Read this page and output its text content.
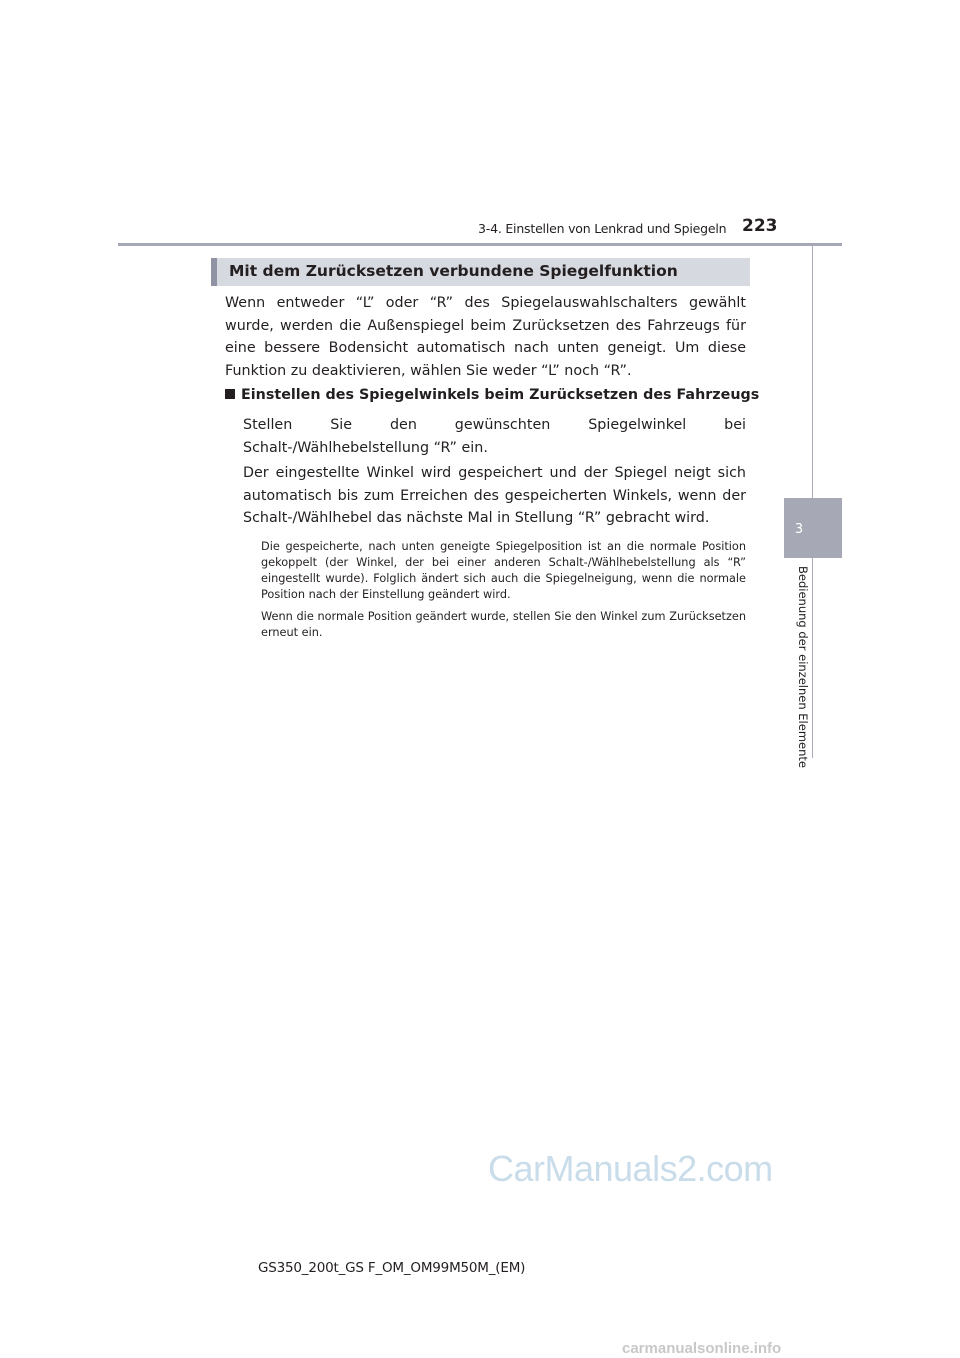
3-4. Einstellen von Lenkrad und Spiegeln 223
3
Bedienung der einzelnen Elemente
Mit dem Zurücksetzen verbundene Spiegelfunktion

Wenn entweder “L” oder “R” des Spiegelauswahlschalters gewählt wurde, werden die Außenspiegel beim Zurücksetzen des Fahrzeugs für eine bessere Bodensicht automatisch nach unten geneigt. Um diese Funktion zu deaktivieren, wählen Sie weder “L” noch “R”.

Einstellen des Spiegelwinkels beim Zurücksetzen des Fahrzeugs

Stellen Sie den gewünschten Spiegelwinkel bei Schalt-/Wählhebelstellung “R” ein.

Der eingestellte Winkel wird gespeichert und der Spiegel neigt sich automatisch bis zum Erreichen des gespeicherten Winkels, wenn der Schalt-/Wählhebel das nächste Mal in Stellung “R” gebracht wird.

Die gespeicherte, nach unten geneigte Spiegelposition ist an die normale Position gekoppelt (der Winkel, der bei einer anderen Schalt-/Wählhebelstellung als “R” eingestellt wurde). Folglich ändert sich auch die Spiegelneigung, wenn die normale Position nach der Einstellung geändert wird.

Wenn die normale Position geändert wurde, stellen Sie den Winkel zum Zurücksetzen erneut ein.

CarManuals2.com
GS350_200t_GS F_OM_OM99M50M_(EM)
carmanualsonline.info
